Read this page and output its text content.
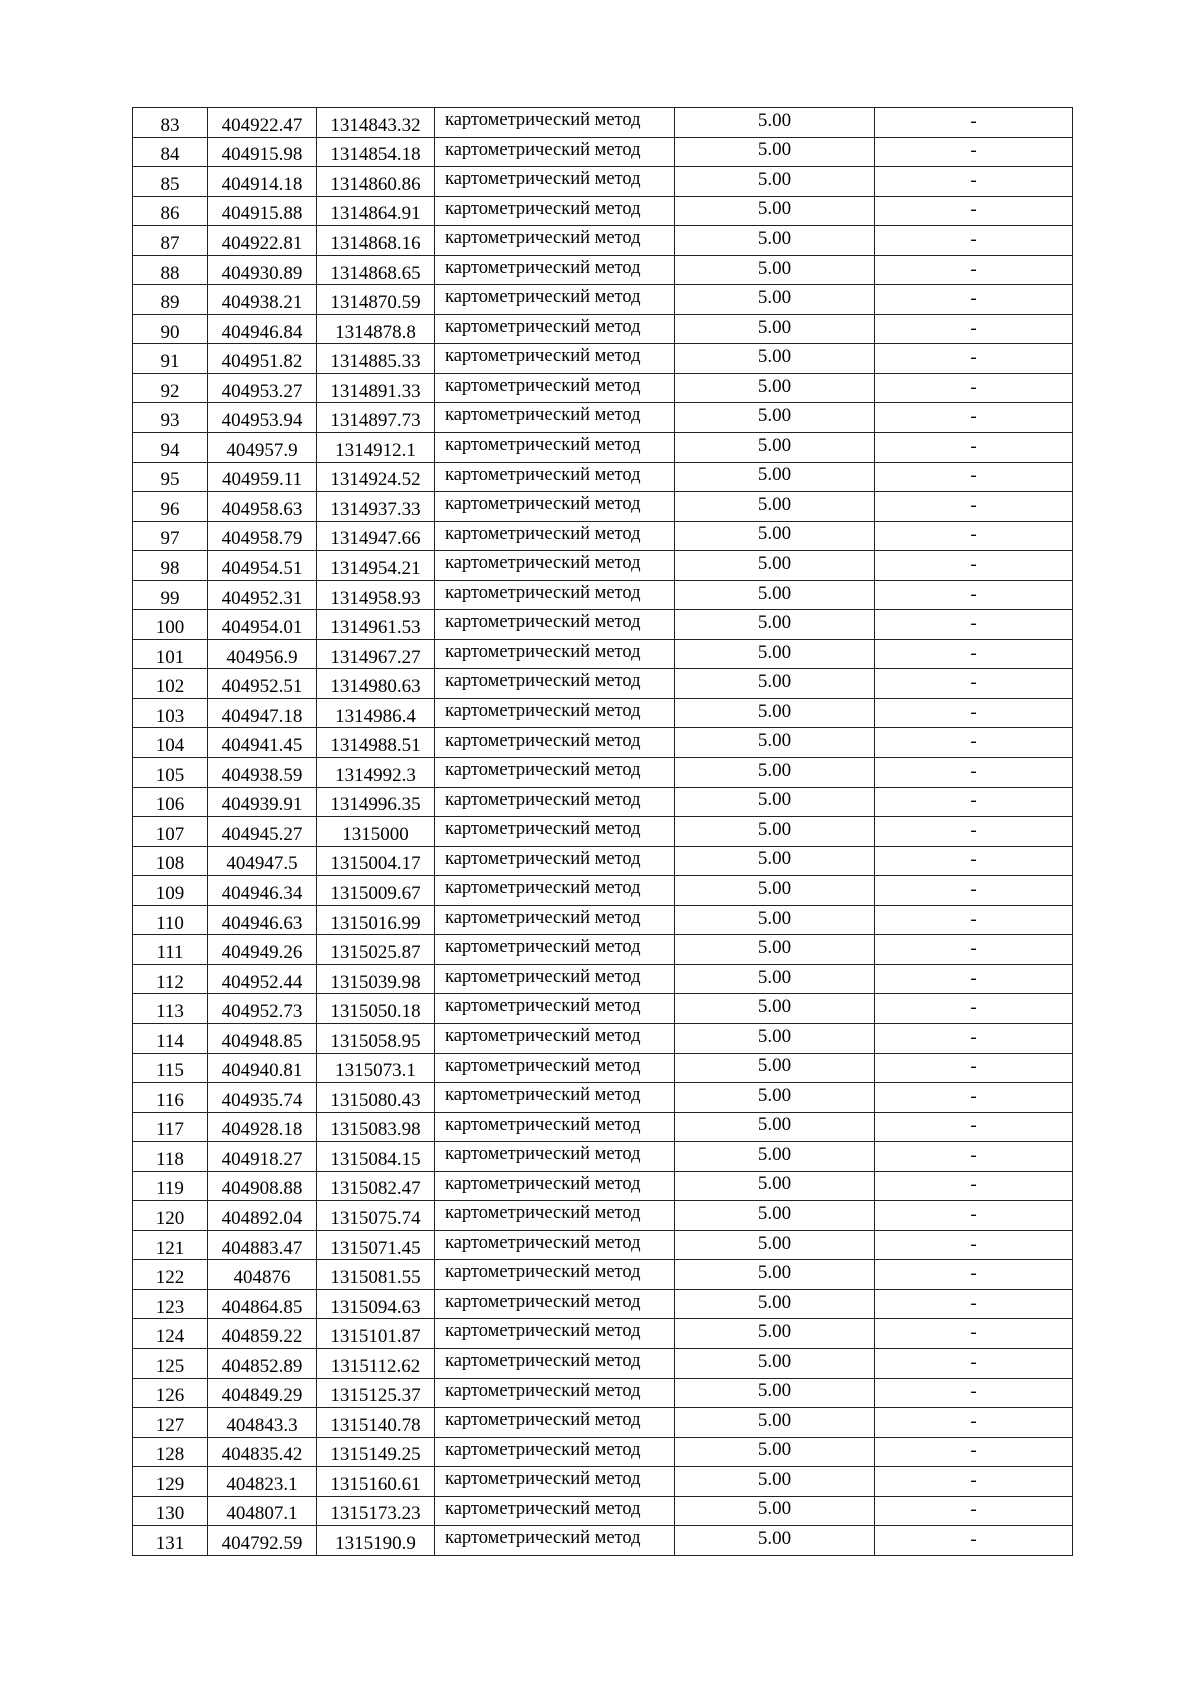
83	404922.47	1314843.32	картометрический метод	5.00	-
84	404915.98	1314854.18	картометрический метод	5.00	-
85	404914.18	1314860.86	картометрический метод	5.00	-
86	404915.88	1314864.91	картометрический метод	5.00	-
87	404922.81	1314868.16	картометрический метод	5.00	-
88	404930.89	1314868.65	картометрический метод	5.00	-
89	404938.21	1314870.59	картометрический метод	5.00	-
90	404946.84	1314878.8	картометрический метод	5.00	-
91	404951.82	1314885.33	картометрический метод	5.00	-
92	404953.27	1314891.33	картометрический метод	5.00	-
93	404953.94	1314897.73	картометрический метод	5.00	-
94	404957.9	1314912.1	картометрический метод	5.00	-
95	404959.11	1314924.52	картометрический метод	5.00	-
96	404958.63	1314937.33	картометрический метод	5.00	-
97	404958.79	1314947.66	картометрический метод	5.00	-
98	404954.51	1314954.21	картометрический метод	5.00	-
99	404952.31	1314958.93	картометрический метод	5.00	-
100	404954.01	1314961.53	картометрический метод	5.00	-
101	404956.9	1314967.27	картометрический метод	5.00	-
102	404952.51	1314980.63	картометрический метод	5.00	-
103	404947.18	1314986.4	картометрический метод	5.00	-
104	404941.45	1314988.51	картометрический метод	5.00	-
105	404938.59	1314992.3	картометрический метод	5.00	-
106	404939.91	1314996.35	картометрический метод	5.00	-
107	404945.27	1315000	картометрический метод	5.00	-
108	404947.5	1315004.17	картометрический метод	5.00	-
109	404946.34	1315009.67	картометрический метод	5.00	-
110	404946.63	1315016.99	картометрический метод	5.00	-
111	404949.26	1315025.87	картометрический метод	5.00	-
112	404952.44	1315039.98	картометрический метод	5.00	-
113	404952.73	1315050.18	картометрический метод	5.00	-
114	404948.85	1315058.95	картометрический метод	5.00	-
115	404940.81	1315073.1	картометрический метод	5.00	-
116	404935.74	1315080.43	картометрический метод	5.00	-
117	404928.18	1315083.98	картометрический метод	5.00	-
118	404918.27	1315084.15	картометрический метод	5.00	-
119	404908.88	1315082.47	картометрический метод	5.00	-
120	404892.04	1315075.74	картометрический метод	5.00	-
121	404883.47	1315071.45	картометрический метод	5.00	-
122	404876	1315081.55	картометрический метод	5.00	-
123	404864.85	1315094.63	картометрический метод	5.00	-
124	404859.22	1315101.87	картометрический метод	5.00	-
125	404852.89	1315112.62	картометрический метод	5.00	-
126	404849.29	1315125.37	картометрический метод	5.00	-
127	404843.3	1315140.78	картометрический метод	5.00	-
128	404835.42	1315149.25	картометрический метод	5.00	-
129	404823.1	1315160.61	картометрический метод	5.00	-
130	404807.1	1315173.23	картометрический метод	5.00	-
131	404792.59	1315190.9	картометрический метод	5.00	-
